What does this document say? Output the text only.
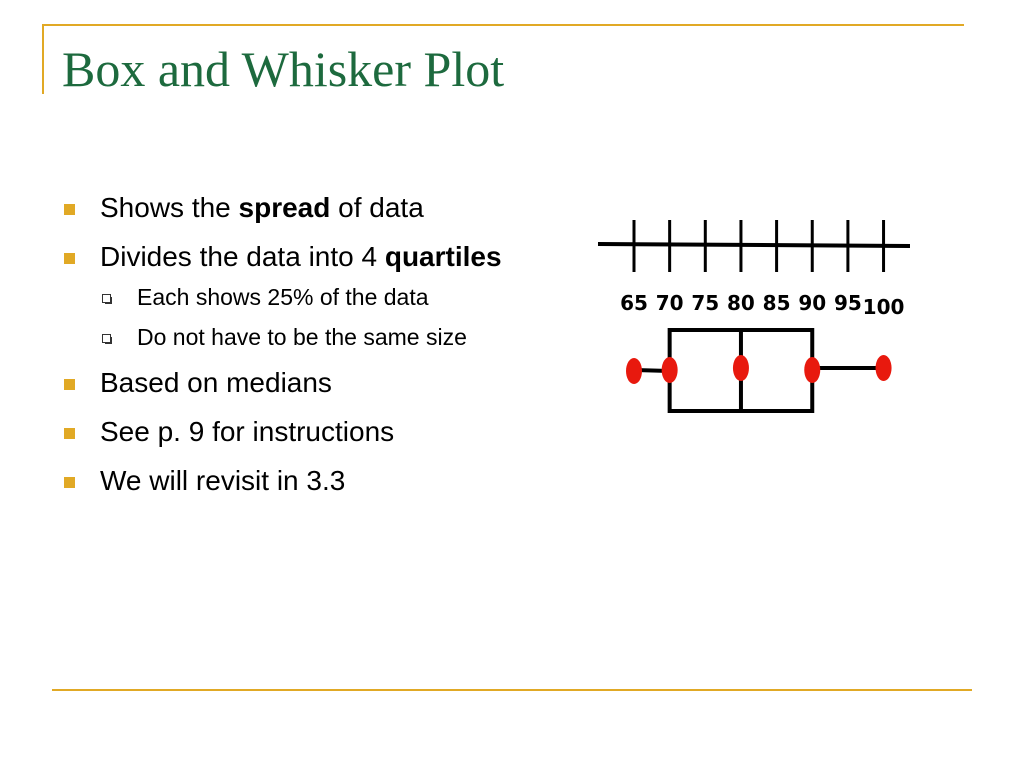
Box and Whisker Plot
Shows the spread of data
Divides the data into 4 quartiles
Each shows 25% of the data
Do not have to be the same size
Based on medians
See p. 9 for instructions
We will revisit in 3.3
65 70 75 80 85 90 95 100
